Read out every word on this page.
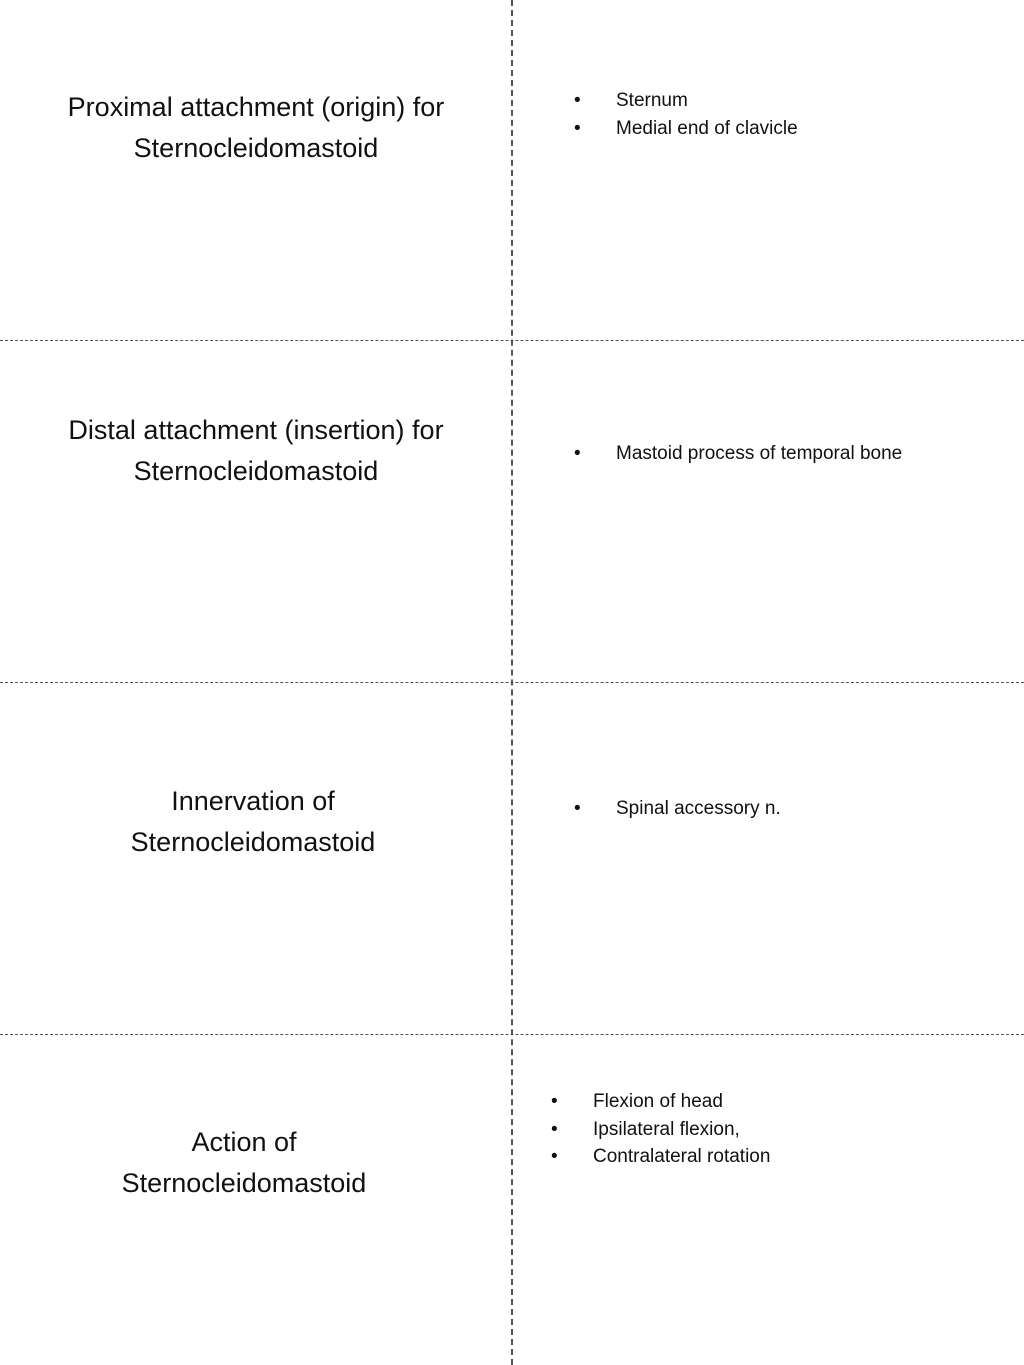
Proximal attachment (origin) for
Sternocleidomastoid
• Sternum
• Medial end of clavicle
Distal attachment (insertion) for
Sternocleidomastoid
• Mastoid process of temporal bone
Innervation of
Sternocleidomastoid
• Spinal accessory n.
Action of
Sternocleidomastoid
• Flexion of head
• Ipsilateral flexion,
• Contralateral rotation
